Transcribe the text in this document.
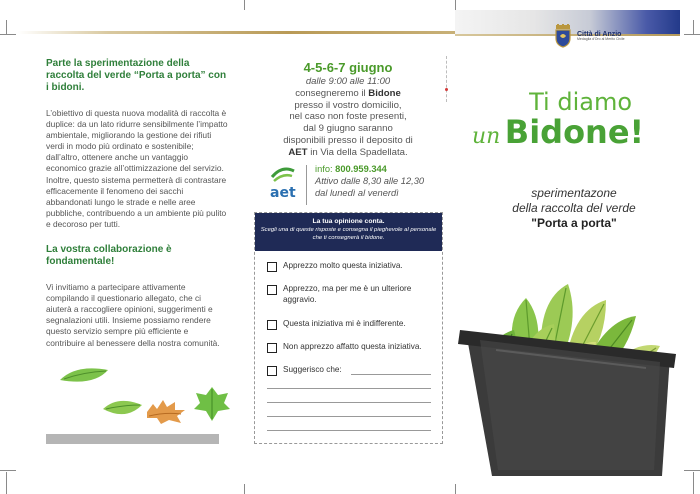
Città di Anzio
Medaglia d'Oro al Merito Civile
Parte la sperimentazione della raccolta del verde “Porta a porta” con i bidoni.
L’obiettivo di questa nuova modalità di raccolta è duplice: da un lato ridurre sensibilmente l’impatto ambientale, migliorando la gestione dei rifiuti verdi in modo più ordinato e sostenibile; dall’altro, ottenere anche un vantaggio economico grazie all’ottimizzazione del servizio. Inoltre, questo sistema permetterà di contrastare efficacemente il fenomeno dei sacchi abbandonati lungo le strade e nelle aree pubbliche, contribuendo a un ambiente più pulito e decoroso per tutti.
La vostra collaborazione è fondamentale!
Vi invitiamo a partecipare attivamente compilando il questionario allegato, che ci aiuterà a raccogliere opinioni, suggerimenti e segnalazioni utili. Insieme possiamo rendere questo servizio sempre più efficiente e contribuire al benessere della nostra comunità.
4-5-6-7 giugno
dalle 9:00 alle 11:00
consegneremo il Bidone
presso il vostro domicilio,
nel caso non foste presenti,
dal 9 giugno saranno
disponibili presso il deposito di
AET in Via della Spadellata.
aet
info: 800.959.344
Attivo dalle 8,30 alle 12,30
dal lunedì al venerdì
La tua opinione conta.
Scegli una di queste risposte e consegna il pieghevole al personale che ti consegnerà il bidone.
Apprezzo molto questa iniziativa.
Apprezzo, ma per me è un ulteriore aggravio.
Questa iniziativa mi è indifferente.
Non apprezzo affatto questa iniziativa.
Suggerisco che:
Ti diamo
un Bidone!
sperimentazone
della raccolta del verde
"Porta a porta"
